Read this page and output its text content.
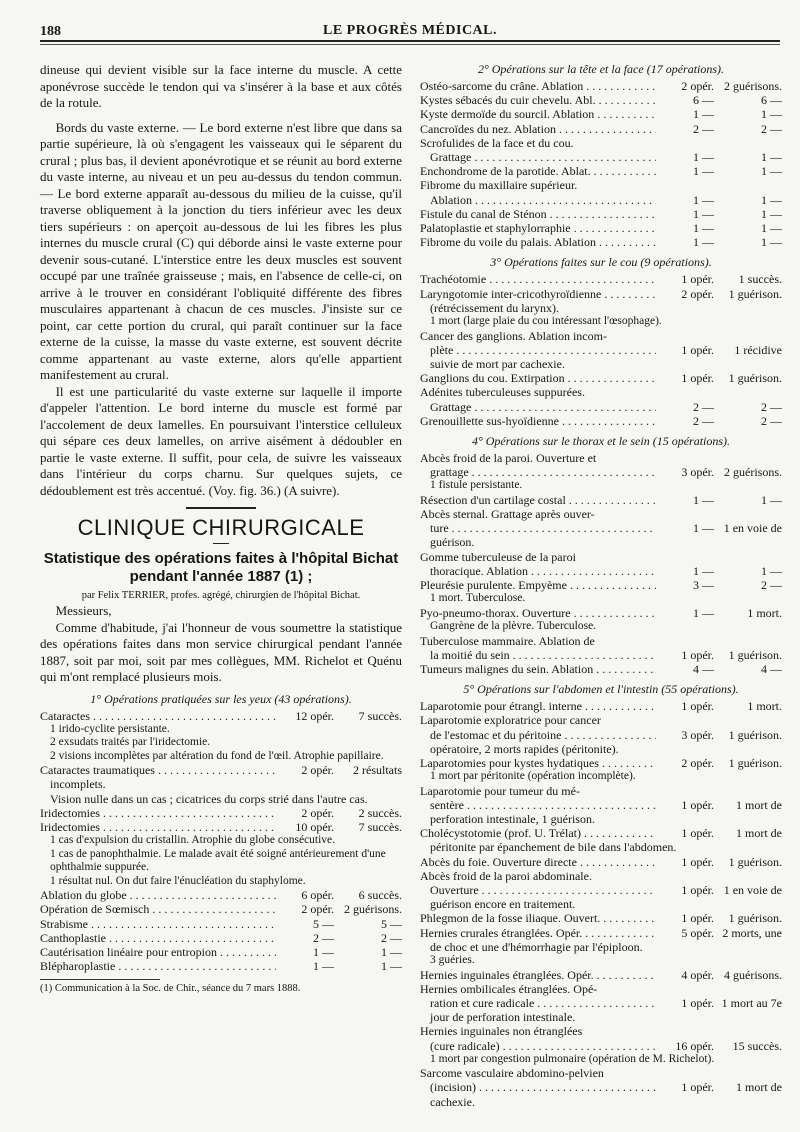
188	LE PROGRÈS MÉDICAL.

dineuse qui devient visible sur la face interne du muscle. A cette aponévrose succède le tendon qui va s'insérer à la base et aux côtés de la rotule.

Bords du vaste externe. — Le bord externe n'est libre que dans sa partie supérieure, là où s'engagent les vaisseaux qui le séparent du crural ; plus bas, il devient aponévrotique et se réunit au bord externe du vaste interne, au niveau et un peu au-dessus du tendon commun. — Le bord externe apparaît au-dessous du milieu de la cuisse, qu'il traverse obliquement à la jonction du tiers inférieur avec les deux tiers supérieurs : on aperçoit au-dessous de lui les fibres les plus internes du muscle crural (C) qui déborde ainsi le vaste externe pour devenir sous-cutané. L'interstice entre les deux muscles est souvent occupé par une traînée graisseuse ; mais, en l'absence de celle-ci, on arrive à le trouver en considérant l'obliquité différente des fibres musculaires appartenant à chacun de ces muscles. J'insiste sur ce point, car cette portion du crural, qui paraît continuer sur la face externe de la cuisse, la masse du vaste externe, est souvent décrite comme appartenant au vaste externe, alors qu'elle appartient manifestement au crural.

Il est une particularité du vaste externe sur laquelle il importe d'appeler l'attention. Le bord interne du muscle est formé par l'accolement de deux lamelles. En poursuivant l'interstice celluleux qui sépare ces deux lamelles, on arrive aisément à dédoubler en partie le vaste externe. Il suffit, pour cela, de suivre les vaisseaux dans l'intérieur du corps charnu. Sur quelques sujets, ce dédoublement est très accentué. (Voy. fig. 36.) (A suivre).

CLINIQUE CHIRURGICALE
Statistique des opérations faites à l'hôpital Bichat pendant l'année 1887 (1) ;
par Felix TERRIER, profes. agrégé, chirurgien de l'hôpital Bichat.

Messieurs,

Comme d'habitude, j'ai l'honneur de vous soumettre la statistique des opérations faites dans mon service chirurgical pendant l'année 1887, soit par moi, soit par mes collègues, MM. Richelot et Quénu qui m'ont remplacé plusieurs mois.

1° Opérations pratiquées sur les yeux (43 opérations).
Cataractes . . .	12 opér.	7 succès.
1 irido-cyclite persistante.
2 exsudats traités par l'iridectomie.
2 visions incomplètes par altération du fond de l'œil. Atrophie papillaire.
Cataractes traumatiques . . .	2 opér.	2 résultats
incomplets.
Vision nulle dans un cas ; cicatrices du corps strié dans l'autre cas.
Iridectomies . . .	2 opér.	2 succès.
Iridectomies . . .	10 opér.	7 succès.
1 cas d'expulsion du cristallin. Atrophie du globe consécutive.
1 cas de panophthalmie. Le malade avait été soigné antérieurement d'une ophthalmie suppurée.
1 résultat nul. On dut faire l'énucléation du staphylome.
Ablation du globe . . .	6 opér.	6 succès.
Opération de Sœmisch . . .	2 opér. 2 guérisons.
Strabisme . . .	5 —	5 —
Canthoplastie . . .	2 —	2 —
Cautérisation linéaire pour entropion . . .	1 —	1 —
Blépharoplastie . . .	1 —	1 —
(1) Communication à la Soc. de Chir., séance du 7 mars 1888.
2° Opérations sur la tête et la face (17 opérations).
Ostéo-sarcome du crâne. Ablation . . .	2 opér. 2 guérisons.
Kystes sébacés du cuir chevelu. Abl. . . .	6 —	6 —
Kyste dermoïde du sourcil. Ablation . . .	1 —	1 —
Cancroïdes du nez. Ablation . . .	2 —	2 —
Scrofulides de la face et du cou.
Grattage . . .	1 —	1 —
Enchondrome de la parotide. Ablat. . . .	1 —	1 —
Fibrome du maxillaire supérieur.
Ablation . . .	1 —	1 —
Fistule du canal de Sténon . . .	1 —	1 —
Palatoplastie et staphylorraphie . . .	1 —	1 —
Fibrome du voile du palais. Ablation . . .	1 —	1 —
3° Opérations faites sur le cou (9 opérations).
Trachéotomie . . .	1 opér.	1 succès.
Laryngotomie inter-cricothyroïdienne . . .	2 opér.	1 guérison.
(rétrécissement du larynx).
1 mort (large plaie du cou intéressant l'œsophage).
Cancer des ganglions. Ablation incom-
plète . . .	1 opér.	1 récidive
suivie de mort par cachexie.
Ganglions du cou. Extirpation . . .	1 opér.	1 guérison.
Adénites tuberculeuses suppurées.
Grattage . . .	2 —	2 —
Grenouillette sus-hyoïdienne . . .	2 —	2 —
4° Opérations sur le thorax et le sein (15 opérations).
Abcès froid de la paroi. Ouverture et
grattage . . .	3 opér. 2 guérisons.
1 fistule persistante.
Résection d'un cartilage costal . . .	1 —	1 —
Abcès sternal. Grattage après ouver-
ture . . .	1 — 1 en voie de
guérison.
Gomme tuberculeuse de la paroi
thoracique. Ablation . . .	1 —	1 —
Pleurésie purulente. Empyème . . .	3 —	2 —
1 mort. Tuberculose.
Pyo-pneumo-thorax. Ouverture . . .	1 —	1 mort.
Gangrène de la plèvre. Tuberculose.
Tuberculose mammaire. Ablation de
la moitié du sein . . .	1 opér.	1 guérison.
Tumeurs malignes du sein. Ablation . . .	4 —	4 —
5° Opérations sur l'abdomen et l'intestin (55 opérations).
Laparotomie pour étrangl. interne . . .	1 opér.	1 mort.
Laparotomie exploratrice pour cancer
de l'estomac et du péritoine . . .	3 opér.	1 guérison.
opératoire, 2 morts rapides (péritonite).
Laparotomies pour kystes hydatiques . . .	2 opér.	1 guérison.
1 mort par péritonite (opération incomplète).
Laparotomie pour tumeur du mé-
sentère . . .	1 opér.	1 mort de
perforation intestinale, 1 guérison.
Cholécystotomie (prof. U. Trélat) . . .	1 opér.	1 mort de
péritonite par épanchement de bile dans l'abdomen.
Abcès du foie. Ouverture directe . . .	1 opér.	1 guérison.
Abcès froid de la paroi abdominale.
Ouverture . . .	1 opér. 1 en voie de
guérison encore en traitement.
Phlegmon de la fosse iliaque. Ouvert. . . .	1 opér.	1 guérison.
Hernies crurales étranglées. Opér. . . .	5 opér. 2 morts, une
de choc et une d'hémorrhagie par l'épiploon.
3 guéries.
Hernies inguinales étranglées. Opér. . . .	4 opér. 4 guérisons.
Hernies ombilicales étranglées. Opé-
ration et cure radicale . . .	1 opér. 1 mort au 7e
jour de perforation intestinale.
Hernies inguinales non étranglées
(cure radicale) . . .	16 opér.	15 succès.
1 mort par congestion pulmonaire (opération de M. Richelot).
Sarcome vasculaire abdomino-pelvien
(incision) . . .	1 opér.	1 mort de
cachexie.
